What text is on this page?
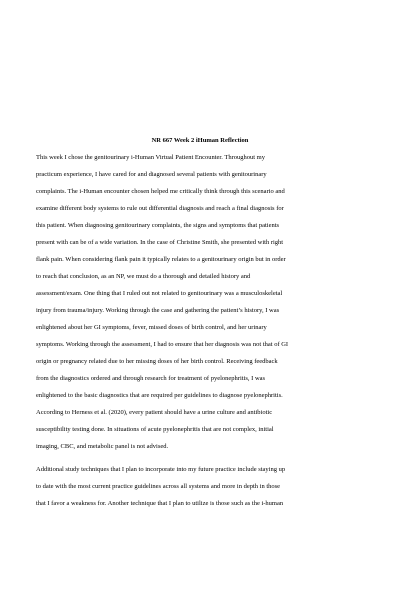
NR 667 Week 2 iHuman Reflection

This week I chose the genitourinary i-Human Virtual Patient Encounter. Throughout my
practicum experience, I have cared for and diagnosed several patients with genitourinary
complaints. The i-Human encounter chosen helped me critically think through this scenario and
examine different body systems to rule out differential diagnosis and reach a final diagnosis for
this patient. When diagnosing genitourinary complaints, the signs and symptoms that patients
present with can be of a wide variation. In the case of Christine Smith, she presented with right
flank pain. When considering flank pain it typically relates to a genitourinary origin but in order
to reach that conclusion, as an NP, we must do a thorough and detailed history and
assessment/exam. One thing that I ruled out not related to genitourinary was a musculoskeletal
injury from trauma/injury. Working through the case and gathering the patient’s history, I was
enlightened about her GI symptoms, fever, missed doses of birth control, and her urinary
symptoms. Working through the assessment, I had to ensure that her diagnosis was not that of GI
origin or pregnancy related due to her missing doses of her birth control. Receiving feedback
from the diagnostics ordered and through research for treatment of pyelonephritis, I was
enlightened to the basic diagnostics that are required per guidelines to diagnose pyelonephritis.
According to Herness et al. (2020), every patient should have a urine culture and antibiotic
susceptibility testing done. In situations of acute pyelonephritis that are not complex, initial
imaging, CBC, and metabolic panel is not advised.

Additional study techniques that I plan to incorporate into my future practice include staying up
to date with the most current practice guidelines across all systems and more in depth in those
that I favor a weakness for. Another technique that I plan to utilize is those such as the i-human
